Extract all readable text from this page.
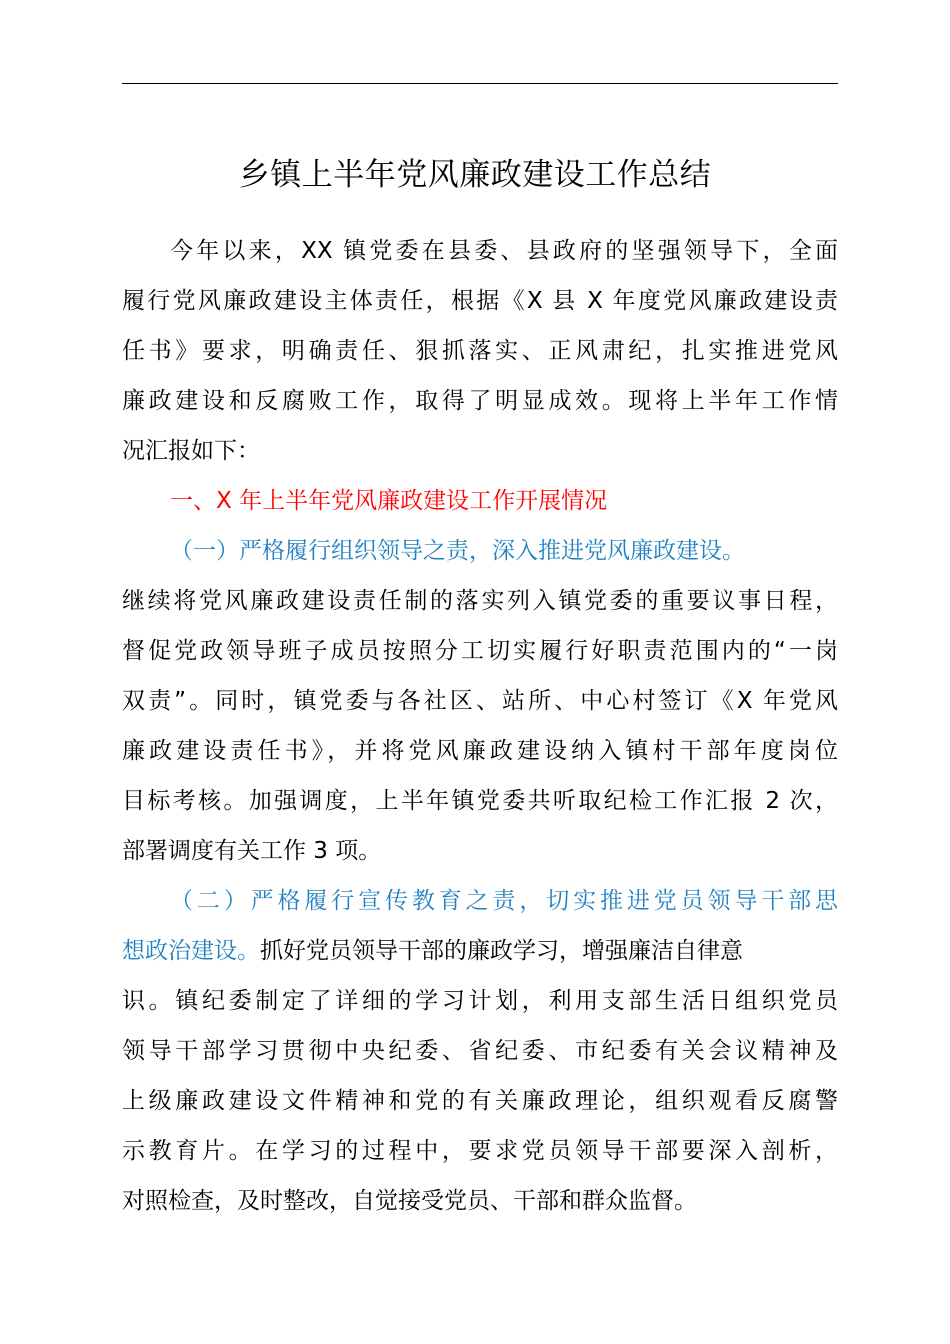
乡镇上半年党风廉政建设工作总结
今年以来，XX 镇党委在县委、县政府的坚强领导下，全面
履行党风廉政建设主体责任，根据《X 县 X 年度党风廉政建设责
任书》要求，明确责任、狠抓落实、正风肃纪，扎实推进党风
廉政建设和反腐败工作，取得了明显成效。现将上半年工作情
况汇报如下：
一、X 年上半年党风廉政建设工作开展情况
（一）严格履行组织领导之责，深入推进党风廉政建设。
继续将党风廉政建设责任制的落实列入镇党委的重要议事日程，
督促党政领导班子成员按照分工切实履行好职责范围内的“一岗
双责”。同时，镇党委与各社区、站所、中心村签订《X 年党风
廉政建设责任书》，并将党风廉政建设纳入镇村干部年度岗位
目标考核。加强调度，上半年镇党委共听取纪检工作汇报 2 次，
部署调度有关工作 3 项。
（二）严格履行宣传教育之责，切实推进党员领导干部思
想政治建设。抓好党员领导干部的廉政学习，增强廉洁自律意
识。镇纪委制定了详细的学习计划，利用支部生活日组织党员
领导干部学习贯彻中央纪委、省纪委、市纪委有关会议精神及
上级廉政建设文件精神和党的有关廉政理论，组织观看反腐警
示教育片。在学习的过程中，要求党员领导干部要深入剖析，
对照检查，及时整改，自觉接受党员、干部和群众监督。
